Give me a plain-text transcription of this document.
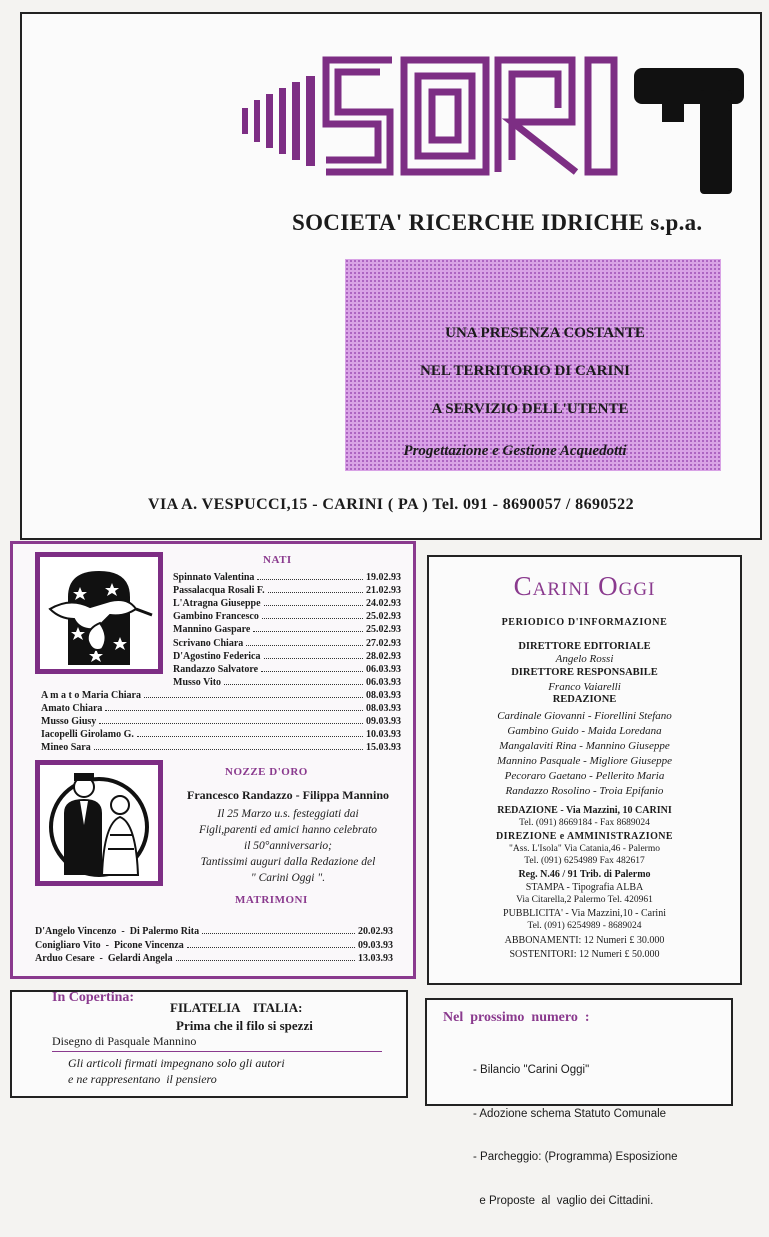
SOCIETA' RICERCHE IDRICHE s.p.a.
UNA PRESENZA COSTANTE
NEL TERRITORIO DI CARINI
A SERVIZIO DELL'UTENTE
Progettazione e Gestione Acquedotti
VIA A. VESPUCCI,15 - CARINI ( PA ) Tel. 091 - 8690057 / 8690522
NATI
NOZZE D'ORO
Francesco Randazzo - Filippa Mannino
Il 25 Marzo u.s. festeggiati dai
Figli,parenti ed amici hanno celebrato
il 50°anniversario;
Tantissimi auguri dalla Redazione del
" Carini Oggi ".
MATRIMONI
Spinnato Valentina	19.02.93
Passalacqua Rosali F.	21.02.93
L'Atragna Giuseppe	24.02.93
Gambino Francesco	25.02.93
Mannino Gaspare	25.02.93
Scrivano Chiara	27.02.93
D'Agostino Federica	28.02.93
Randazzo Salvatore	06.03.93
Musso Vito	06.03.93
A m a t o Maria Chiara	08.03.93
Amato Chiara	08.03.93
Musso Giusy	09.03.93
Iacopelli Girolamo G.	10.03.93
Mineo Sara	15.03.93
D'Angelo Vincenzo  -  Di Palermo Rita	20.02.93
Conigliaro Vito  -  Picone Vincenza	09.03.93
Arduo Cesare  -  Gelardi Angela	13.03.93
Carini Oggi
PERIODICO D'INFORMAZIONE
DIRETTORE EDITORIALE
Angelo Rossi
DIRETTORE RESPONSABILE
Franco Vaiarelli
REDAZIONE
Cardinale Giovanni - Fiorellini Stefano
Gambino Guido - Maida Loredana
Mangalaviti Rina - Mannino Giuseppe
Mannino Pasquale - Migliore Giuseppe
Pecoraro Gaetano - Pellerito Maria
Randazzo Rosolino - Troia Epifanio
REDAZIONE - Via Mazzini, 10 CARINI
Tel. (091) 8669184 - Fax 8689024
DIREZIONE e AMMINISTRAZIONE
"Ass. L'Isola" Via Catania,46 - Palermo
Tel. (091) 6254989 Fax 482617
Reg. N.46 / 91 Trib. di Palermo
STAMPA - Tipografia ALBA
Via Citarella,2 Palermo Tel. 420961
PUBBLICITA' - Via Mazzini,10 - Carini
Tel. (091) 6254989 - 8689024
ABBONAMENTI: 12 Numeri £ 30.000
SOSTENITORI: 12 Numeri £ 50.000
In Copertina:
FILATELIA    ITALIA:
Prima che il filo si spezzi
Disegno di Pasquale Mannino
Gli articoli firmati impegnano solo gli autori
e ne rappresentano  il pensiero
Nel  prossimo  numero  :

- Bilancio "Carini Oggi"

- Adozione schema Statuto Comunale

- Parcheggio: (Programma) Esposizione

e Proposte  al  vaglio dei Cittadini.
